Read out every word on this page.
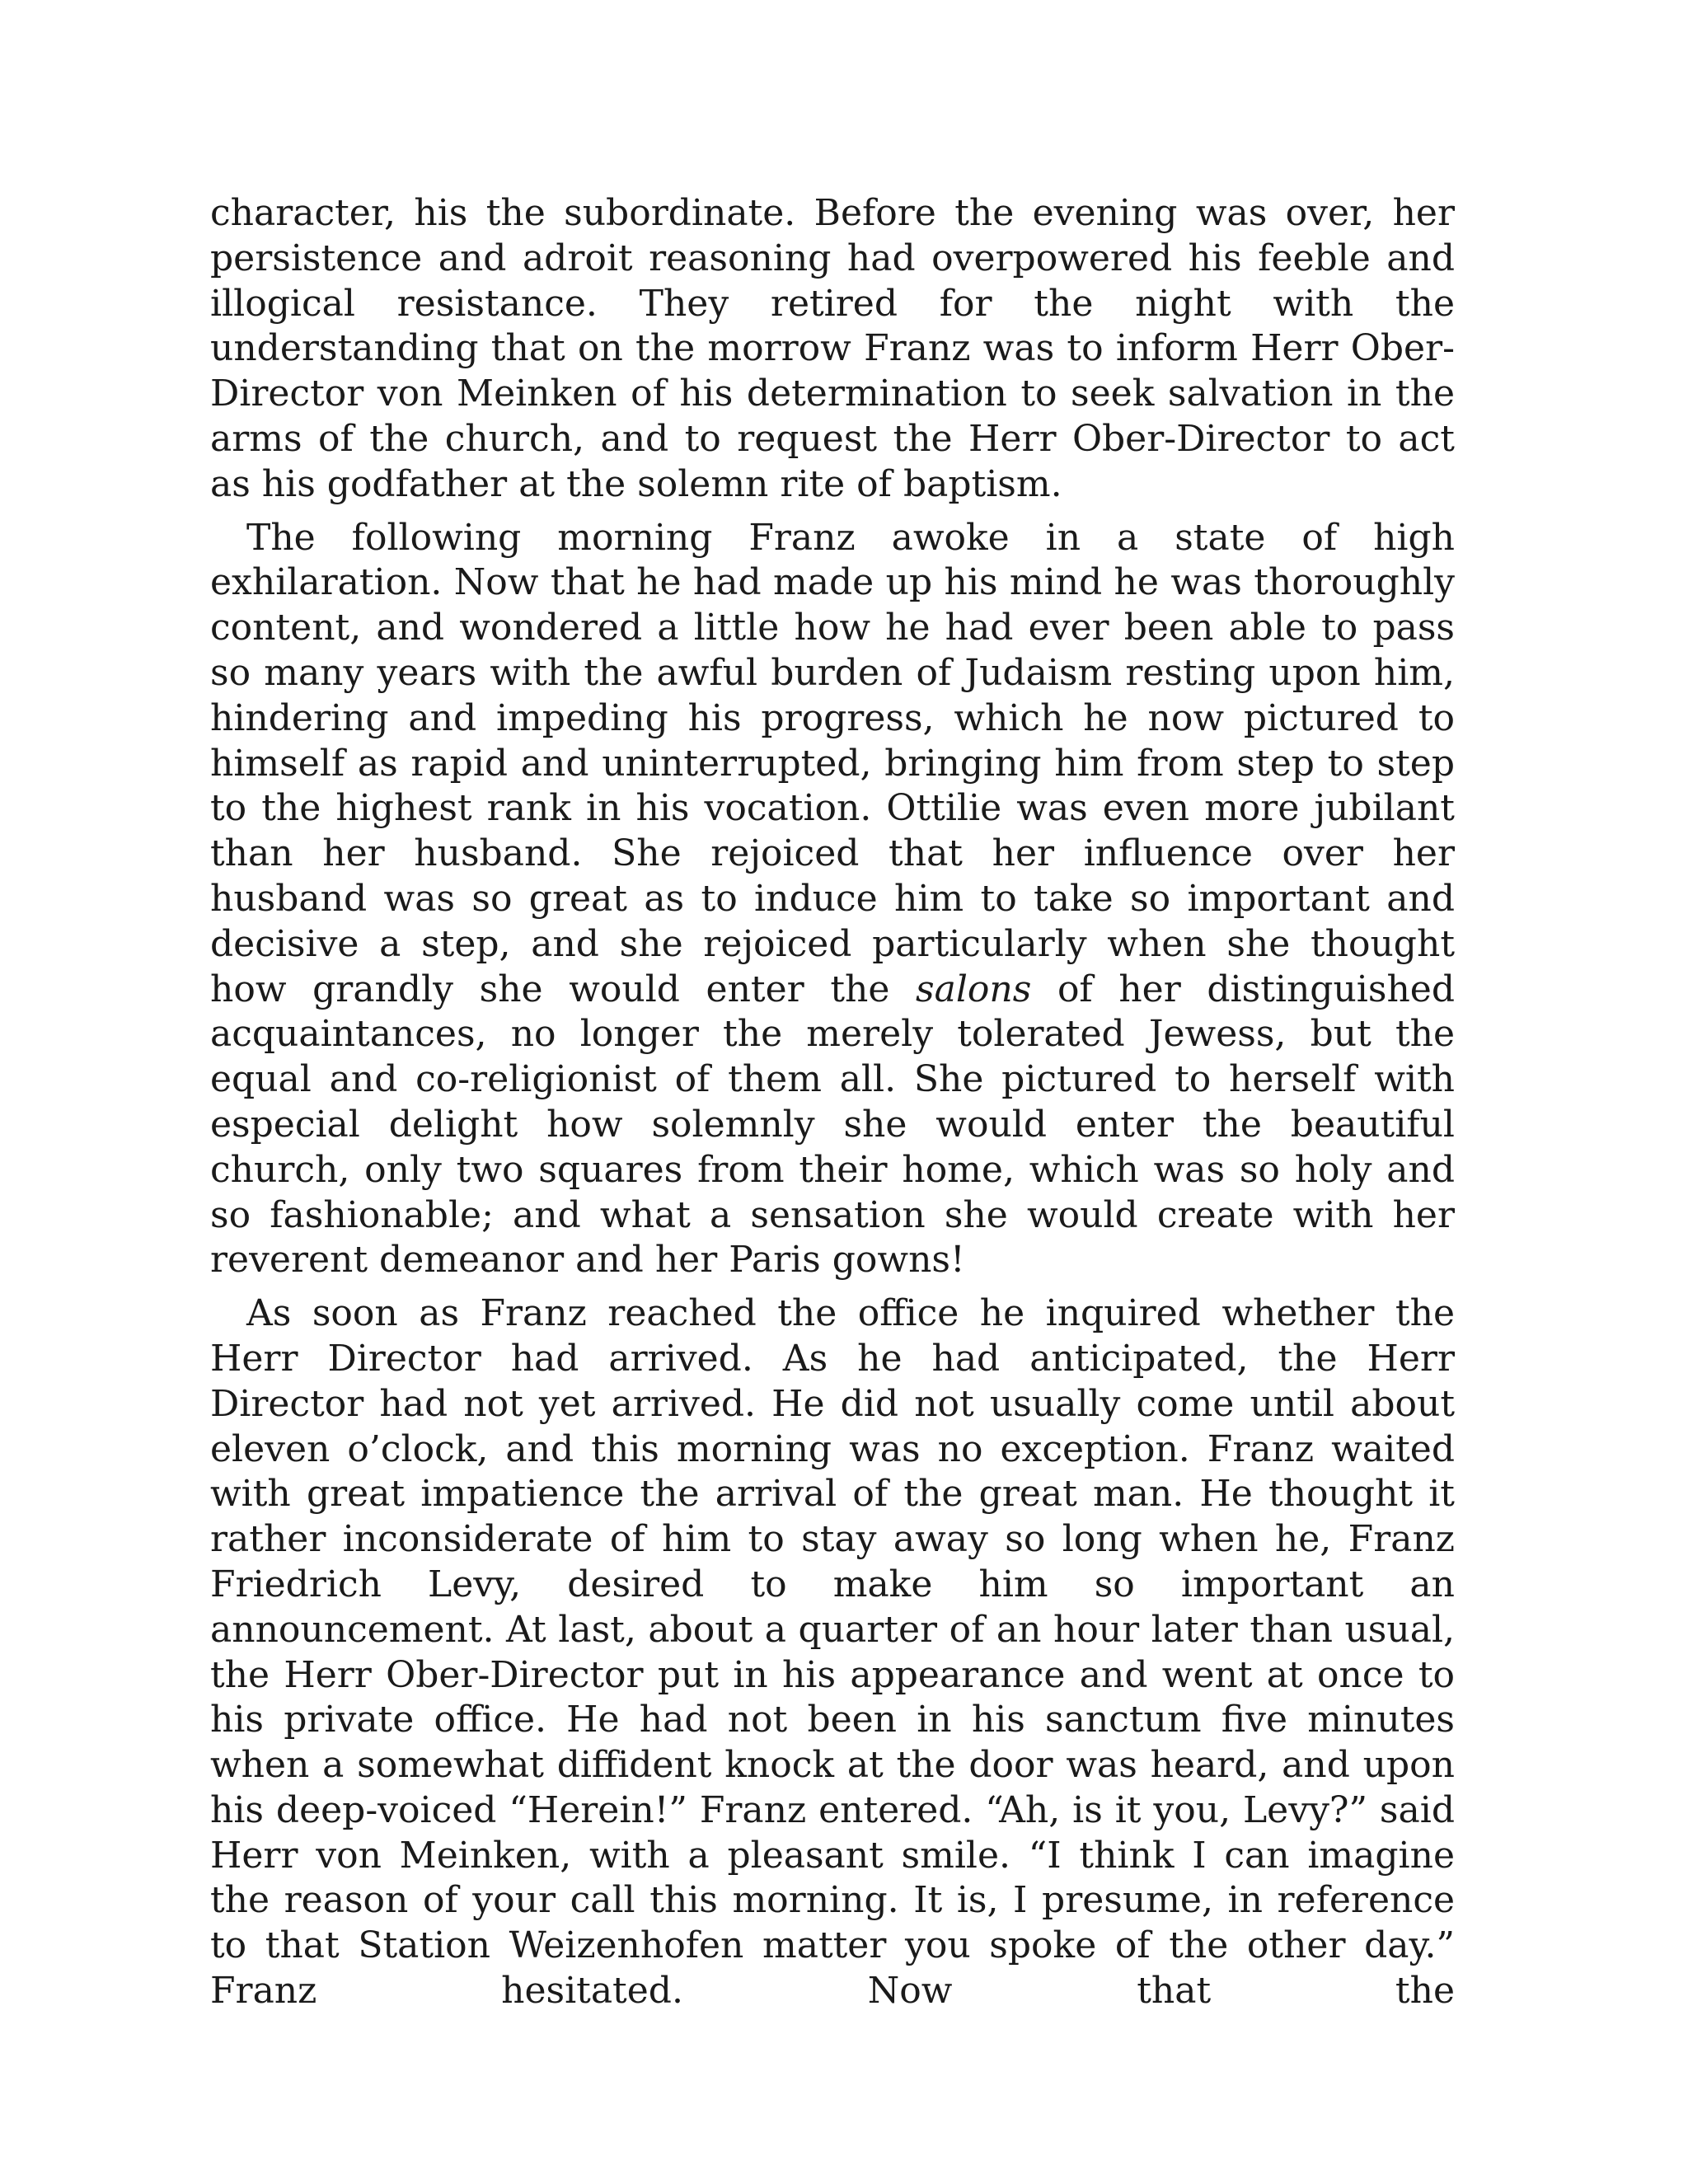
character, his the subordinate. Before the evening was over, her persistence and adroit reasoning had overpowered his feeble and illogical resistance. They retired for the night with the understanding that on the morrow Franz was to inform Herr Ober-Director von Meinken of his determination to seek salvation in the arms of the church, and to request the Herr Ober-Director to act as his godfather at the solemn rite of baptism.

The following morning Franz awoke in a state of high exhilaration. Now that he had made up his mind he was thoroughly content, and wondered a little how he had ever been able to pass so many years with the awful burden of Judaism resting upon him, hindering and impeding his progress, which he now pictured to himself as rapid and uninterrupted, bringing him from step to step to the highest rank in his vocation. Ottilie was even more jubilant than her husband. She rejoiced that her influence over her husband was so great as to induce him to take so important and decisive a step, and she rejoiced particularly when she thought how grandly she would enter the salons of her distinguished acquaintances, no longer the merely tolerated Jewess, but the equal and co-religionist of them all. She pictured to herself with especial delight how solemnly she would enter the beautiful church, only two squares from their home, which was so holy and so fashionable; and what a sensation she would create with her reverent demeanor and her Paris gowns!

As soon as Franz reached the office he inquired whether the Herr Director had arrived. As he had anticipated, the Herr Director had not yet arrived. He did not usually come until about eleven o’clock, and this morning was no exception. Franz waited with great impatience the arrival of the great man. He thought it rather inconsiderate of him to stay away so long when he, Franz Friedrich Levy, desired to make him so important an announcement. At last, about a quarter of an hour later than usual, the Herr Ober-Director put in his appearance and went at once to his private office. He had not been in his sanctum five minutes when a somewhat diffident knock at the door was heard, and upon his deep-voiced “Herein!” Franz entered. “Ah, is it you, Levy?” said Herr von Meinken, with a pleasant smile. “I think I can imagine the reason of your call this morning. It is, I presume, in reference to that Station Weizenhofen matter you spoke of the other day.” Franz hesitated. Now that the
